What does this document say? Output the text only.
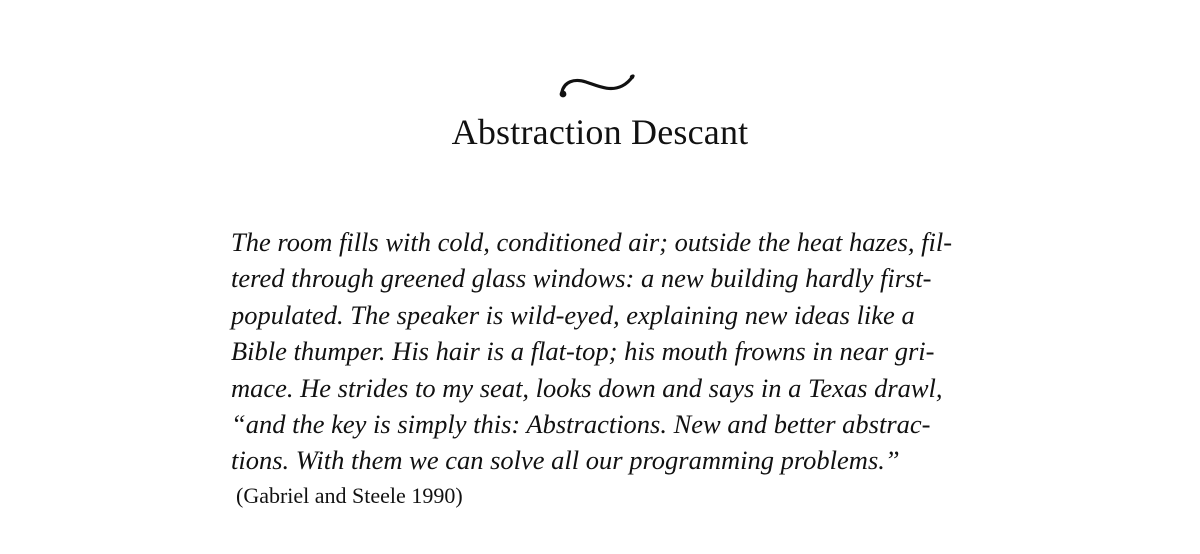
Abstraction Descant
The room fills with cold, conditioned air; outside the heat hazes, fil-
tered through greened glass windows: a new building hardly first-
populated. The speaker is wild-eyed, explaining new ideas like a
Bible thumper. His hair is a flat-top; his mouth frowns in near gri-
mace. He strides to my seat, looks down and says in a Texas drawl,
“and the key is simply this: Abstractions. New and better abstrac-
tions. With them we can solve all our programming problems.”
(Gabriel and Steele 1990)
